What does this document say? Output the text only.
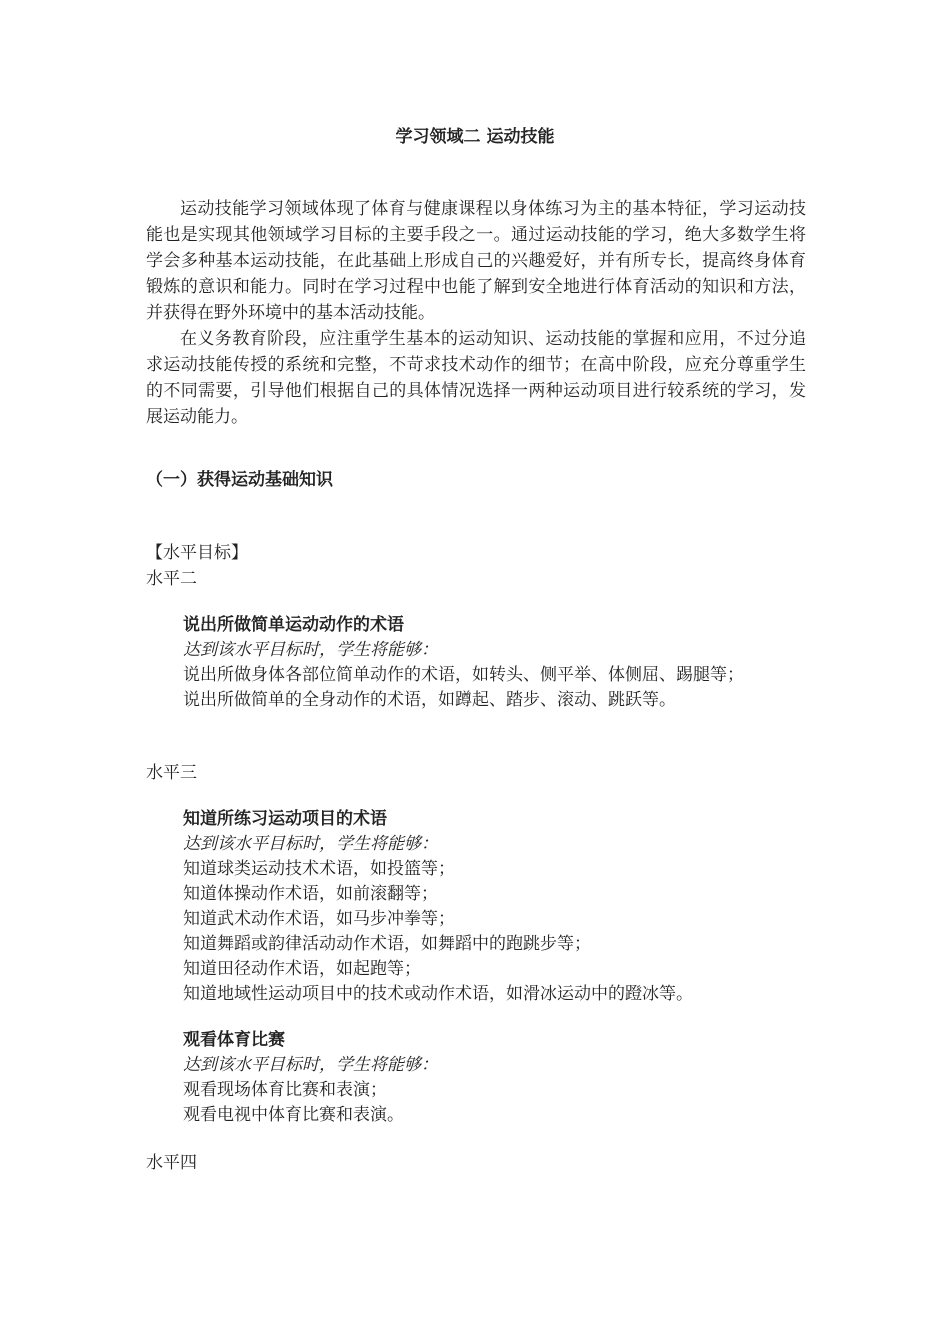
学习领域二 运动技能

运动技能学习领域体现了体育与健康课程以身体练习为主的基本特征，学习运动技能也是实现其他领域学习目标的主要手段之一。通过运动技能的学习，绝大多数学生将学会多种基本运动技能，在此基础上形成自己的兴趣爱好，并有所专长，提高终身体育锻炼的意识和能力。同时在学习过程中也能了解到安全地进行体育活动的知识和方法，并获得在野外环境中的基本活动技能。

在义务教育阶段，应注重学生基本的运动知识、运动技能的掌握和应用，不过分追求运动技能传授的系统和完整，不苛求技术动作的细节；在高中阶段，应充分尊重学生的不同需要，引导他们根据自己的具体情况选择一两种运动项目进行较系统的学习，发展运动能力。

（一）获得运动基础知识
【水平目标】
水平二
说出所做简单运动动作的术语
达到该水平目标时，学生将能够：
说出所做身体各部位简单动作的术语，如转头、侧平举、体侧屈、踢腿等；
说出所做简单的全身动作的术语，如蹲起、踏步、滚动、跳跃等。
水平三
知道所练习运动项目的术语
达到该水平目标时，学生将能够：
知道球类运动技术术语，如投篮等；
知道体操动作术语，如前滚翻等；
知道武术动作术语，如马步冲拳等；
知道舞蹈或韵律活动动作术语，如舞蹈中的跑跳步等；
知道田径动作术语，如起跑等；
知道地域性运动项目中的技术或动作术语，如滑冰运动中的蹬冰等。
观看体育比赛
达到该水平目标时，学生将能够：
观看现场体育比赛和表演；
观看电视中体育比赛和表演。
水平四
